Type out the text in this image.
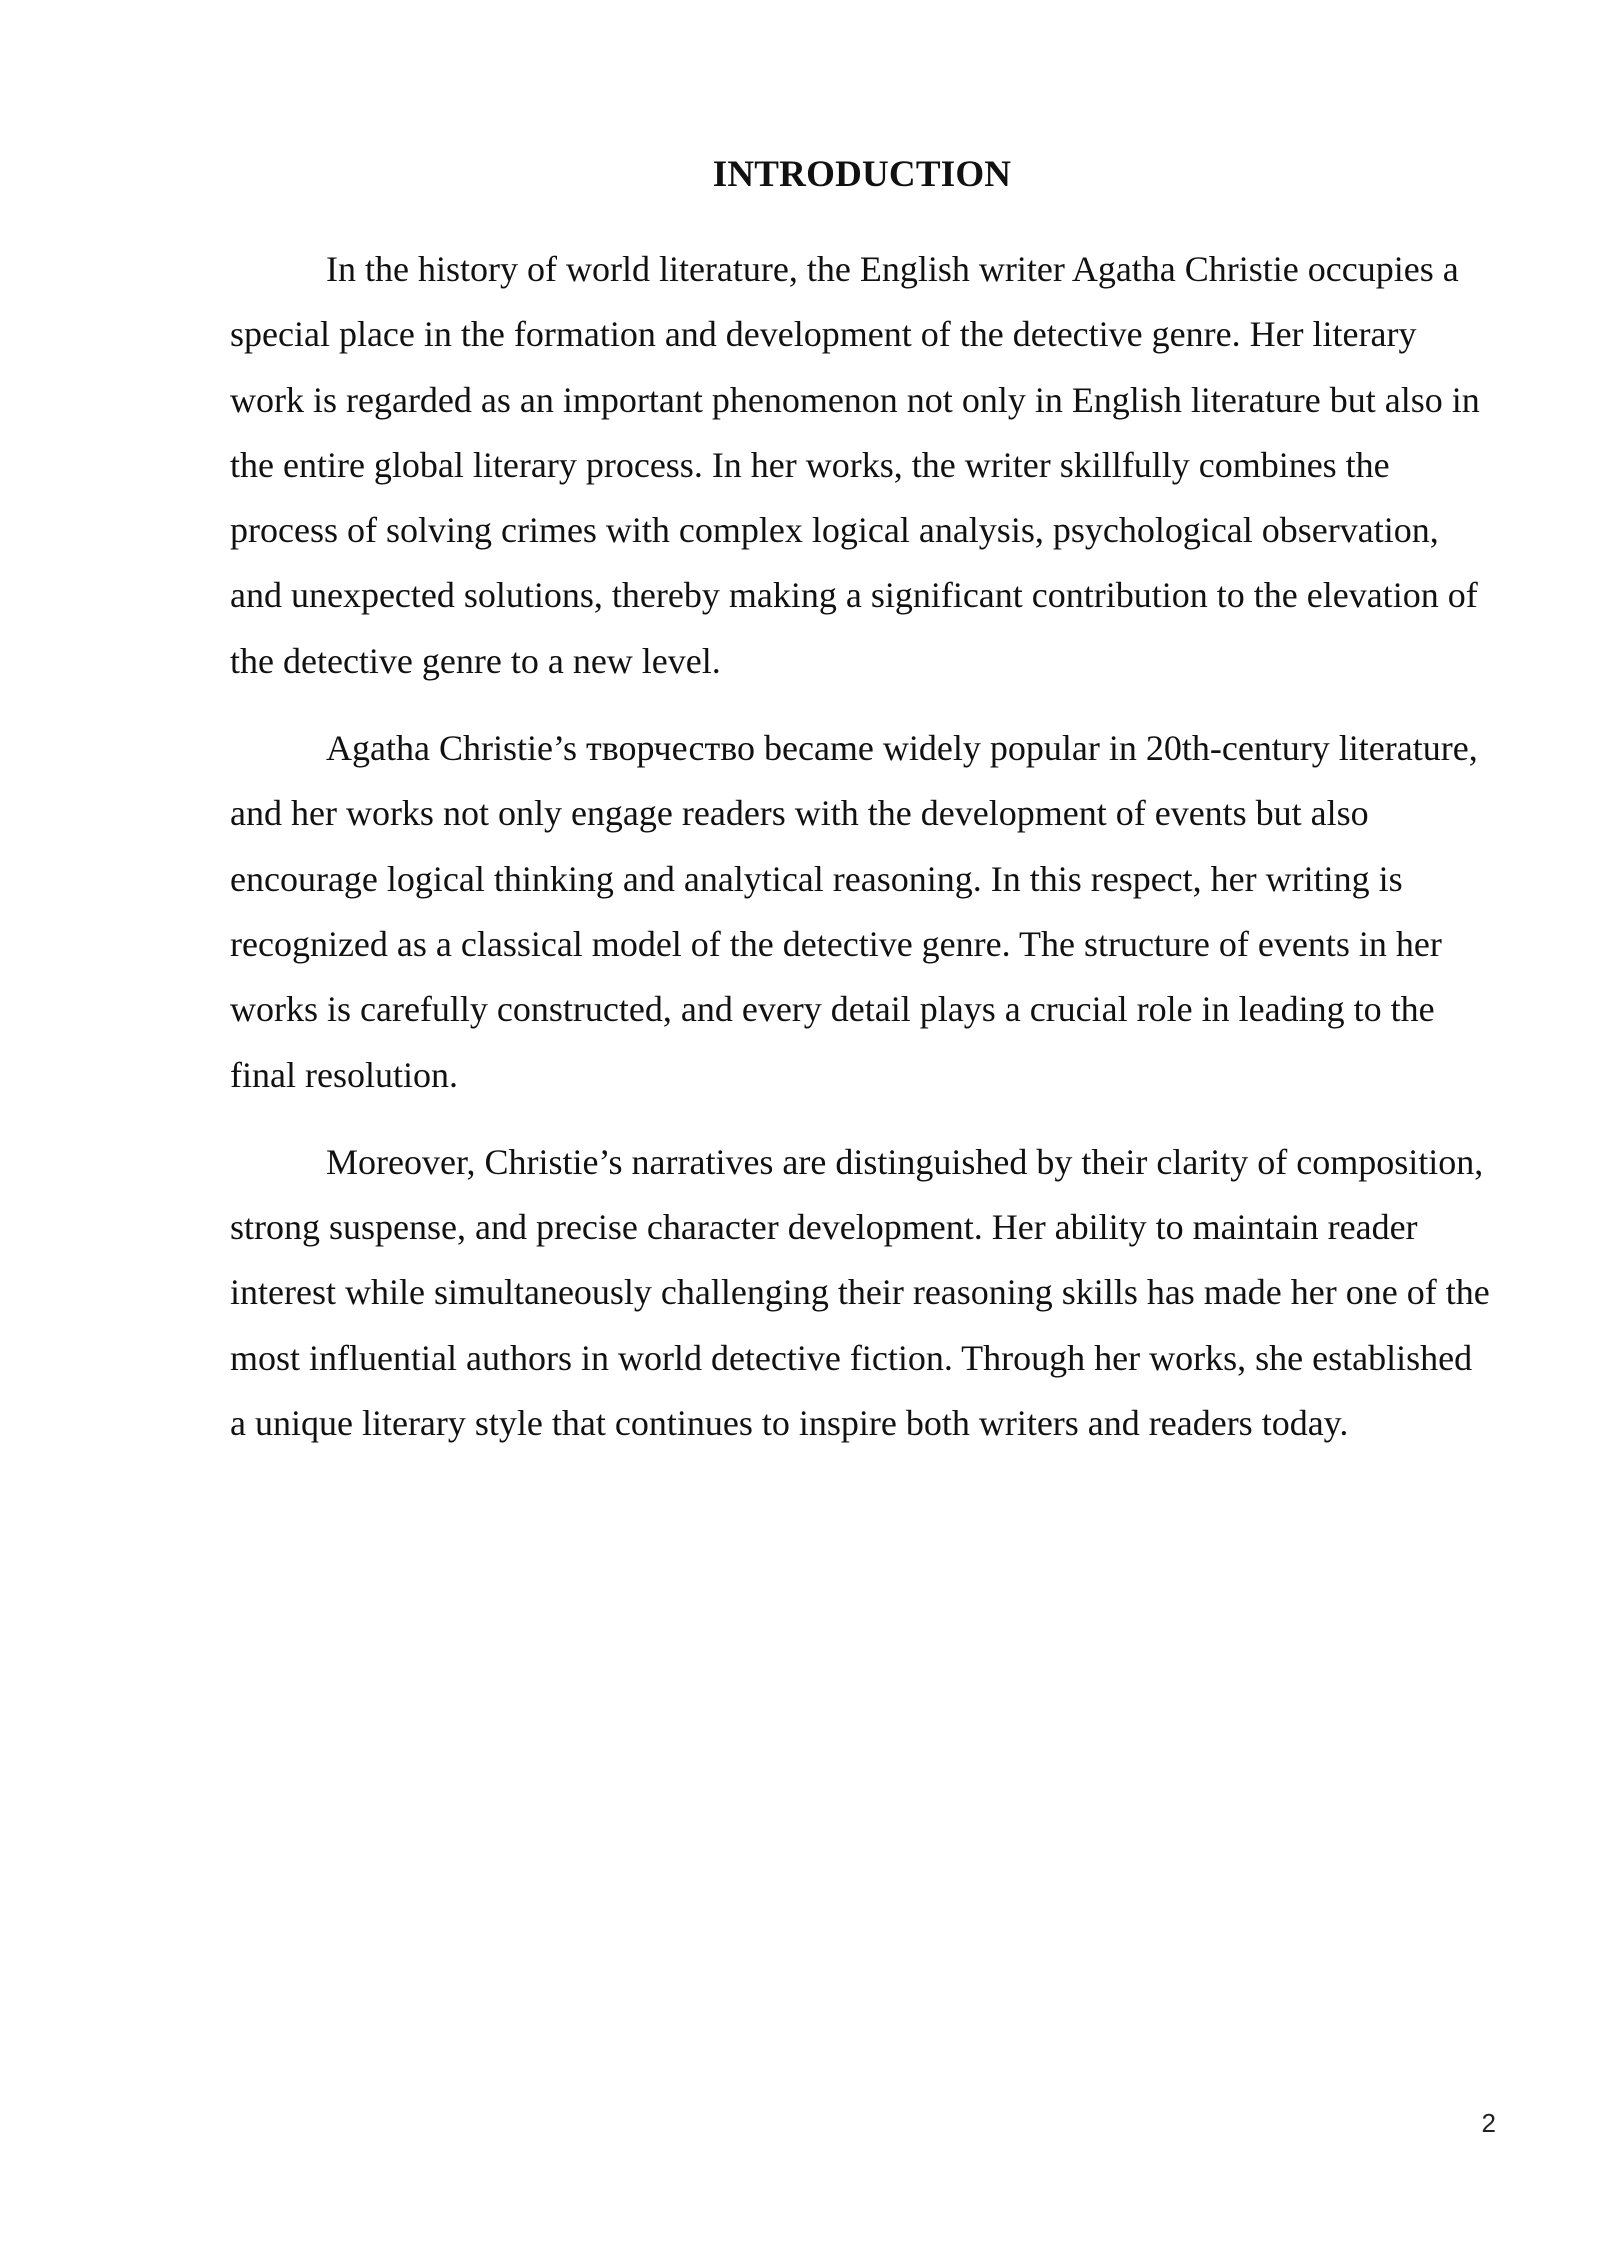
INTRODUCTION

In the history of world literature, the English writer Agatha Christie occupies a special place in the formation and development of the detective genre. Her literary work is regarded as an important phenomenon not only in English literature but also in the entire global literary process. In her works, the writer skillfully combines the process of solving crimes with complex logical analysis, psychological observation, and unexpected solutions, thereby making a significant contribution to the elevation of the detective genre to a new level.

Agatha Christie’s творчество became widely popular in 20th-century literature, and her works not only engage readers with the development of events but also encourage logical thinking and analytical reasoning. In this respect, her writing is recognized as a classical model of the detective genre. The structure of events in her works is carefully constructed, and every detail plays a crucial role in leading to the final resolution.

Moreover, Christie’s narratives are distinguished by their clarity of composition, strong suspense, and precise character development. Her ability to maintain reader interest while simultaneously challenging their reasoning skills has made her one of the most influential authors in world detective fiction. Through her works, she established a unique literary style that continues to inspire both writers and readers today.

2
